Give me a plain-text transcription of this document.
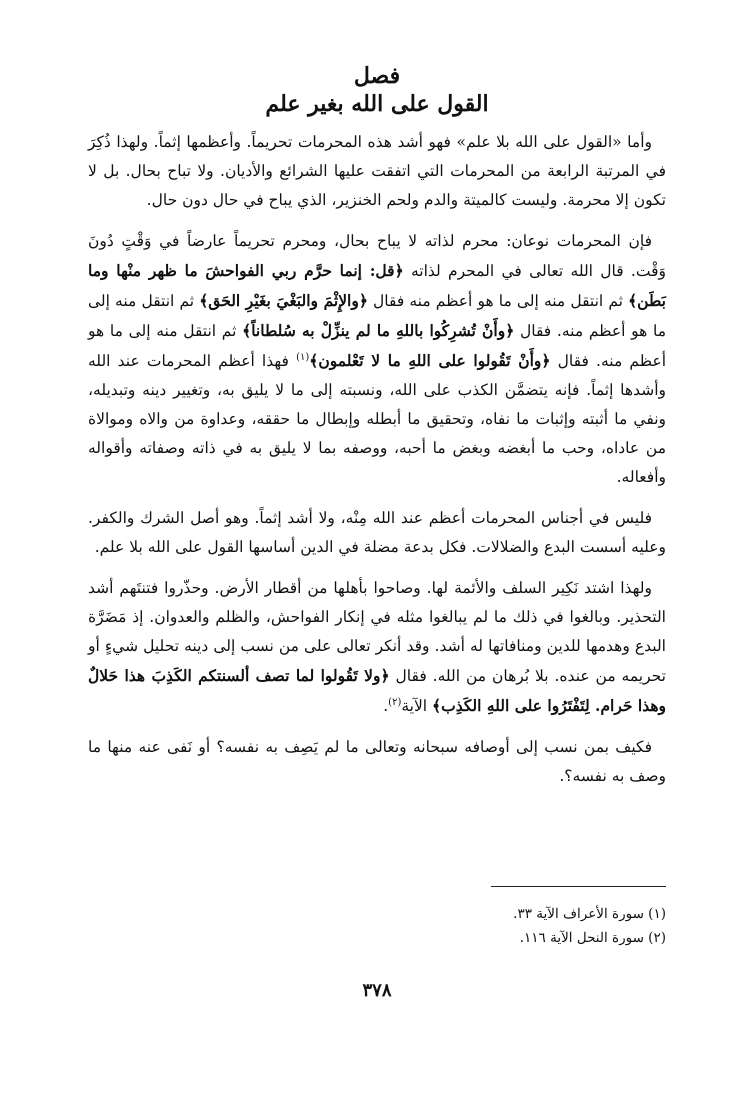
فصل
القول على الله بغير علم

وأما «القول على الله بلا علم» فهو أشد هذه المحرمات تحريماً. وأعظمها إثماً. ولهذا ذُكِرَ في المرتبة الرابعة من المحرمات التي اتفقت عليها الشرائع والأديان. ولا تباح بحال. بل لا تكون إلا محرمة. وليست كالميتة والدم ولحم الخنزير، الذي يباح في حال دون حال.

فإن المحرمات نوعان: محرم لذاته لا يباح بحال، ومحرم تحريماً عارضاً في وَقْتٍ دُونَ وَقْت. قال الله تعالى في المحرم لذاته ﴿قل: إنما حرَّم ربي الفواحشَ ما ظهر منْها وما بَطَن﴾ ثم انتقل منه إلى ما هو أعظم منه فقال ﴿والإِثْمَ والبَغْيَ بغَيْرِ الحَق﴾ ثم انتقل منه إلى ما هو أعظم منه. فقال ﴿وأَنْ تُشرِكُوا باللهِ ما لم ينزِّلْ به سُلطاناً﴾ ثم انتقل منه إلى ما هو أعظم منه. فقال ﴿وأَنْ تَقُولوا على اللهِ ما لا تَعْلمون﴾$^{(١)}$ فهذا أعظم المحرمات عند الله وأشدها إثماً. فإنه يتضمَّن الكذب على الله، ونسبته إلى ما لا يليق به، وتغيير دينه وتبديله، ونفي ما أثبته وإثبات ما نفاه، وتحقيق ما أبطله وإبطال ما حققه، وعداوة من والاه وموالاة من عاداه، وحب ما أبغضه وبغض ما أحبه، ووصفه بما لا يليق به في ذاته وصفاته وأقواله وأفعاله.

فليس في أجناس المحرمات أعظم عند الله مِنْه، ولا أشد إثماً. وهو أصل الشرك والكفر. وعليه أسست البدع والضلالات. فكل بدعة مضلة في الدين أساسها القول على الله بلا علم.

ولهذا اشتد نَكِير السلف والأئمة لها. وصاحوا بأهلها من أقطار الأرض. وحذّروا فتنتَهم أشد التحذير. وبالغوا في ذلك ما لم يبالغوا مثله في إنكار الفواحش، والظلم والعدوان. إذ مَضَرَّة البدع وهدمها للدين ومنافاتها له أشد. وقد أنكر تعالى على من نسب إلى دينه تحليل شيءٍ أو تحريمه من عنده. بلا بُرهان من الله. فقال ﴿ولا تَقُولوا لما تصف ألسنتكم الكَذِبَ هذا حَلالٌ وهذا حَرام. لِتَفْتَرُوا على اللهِ الكَذِب﴾ الآية$^{(٢)}$.

فكيف بمن نسب إلى أوصافه سبحانه وتعالى ما لم يَصِف به نفسه؟ أو نَفى عنه منها ما وصف به نفسه؟.

(١) سورة الأعراف الآية ٣٣.
(٢) سورة النحل الآية ١١٦.
٣٧٨
